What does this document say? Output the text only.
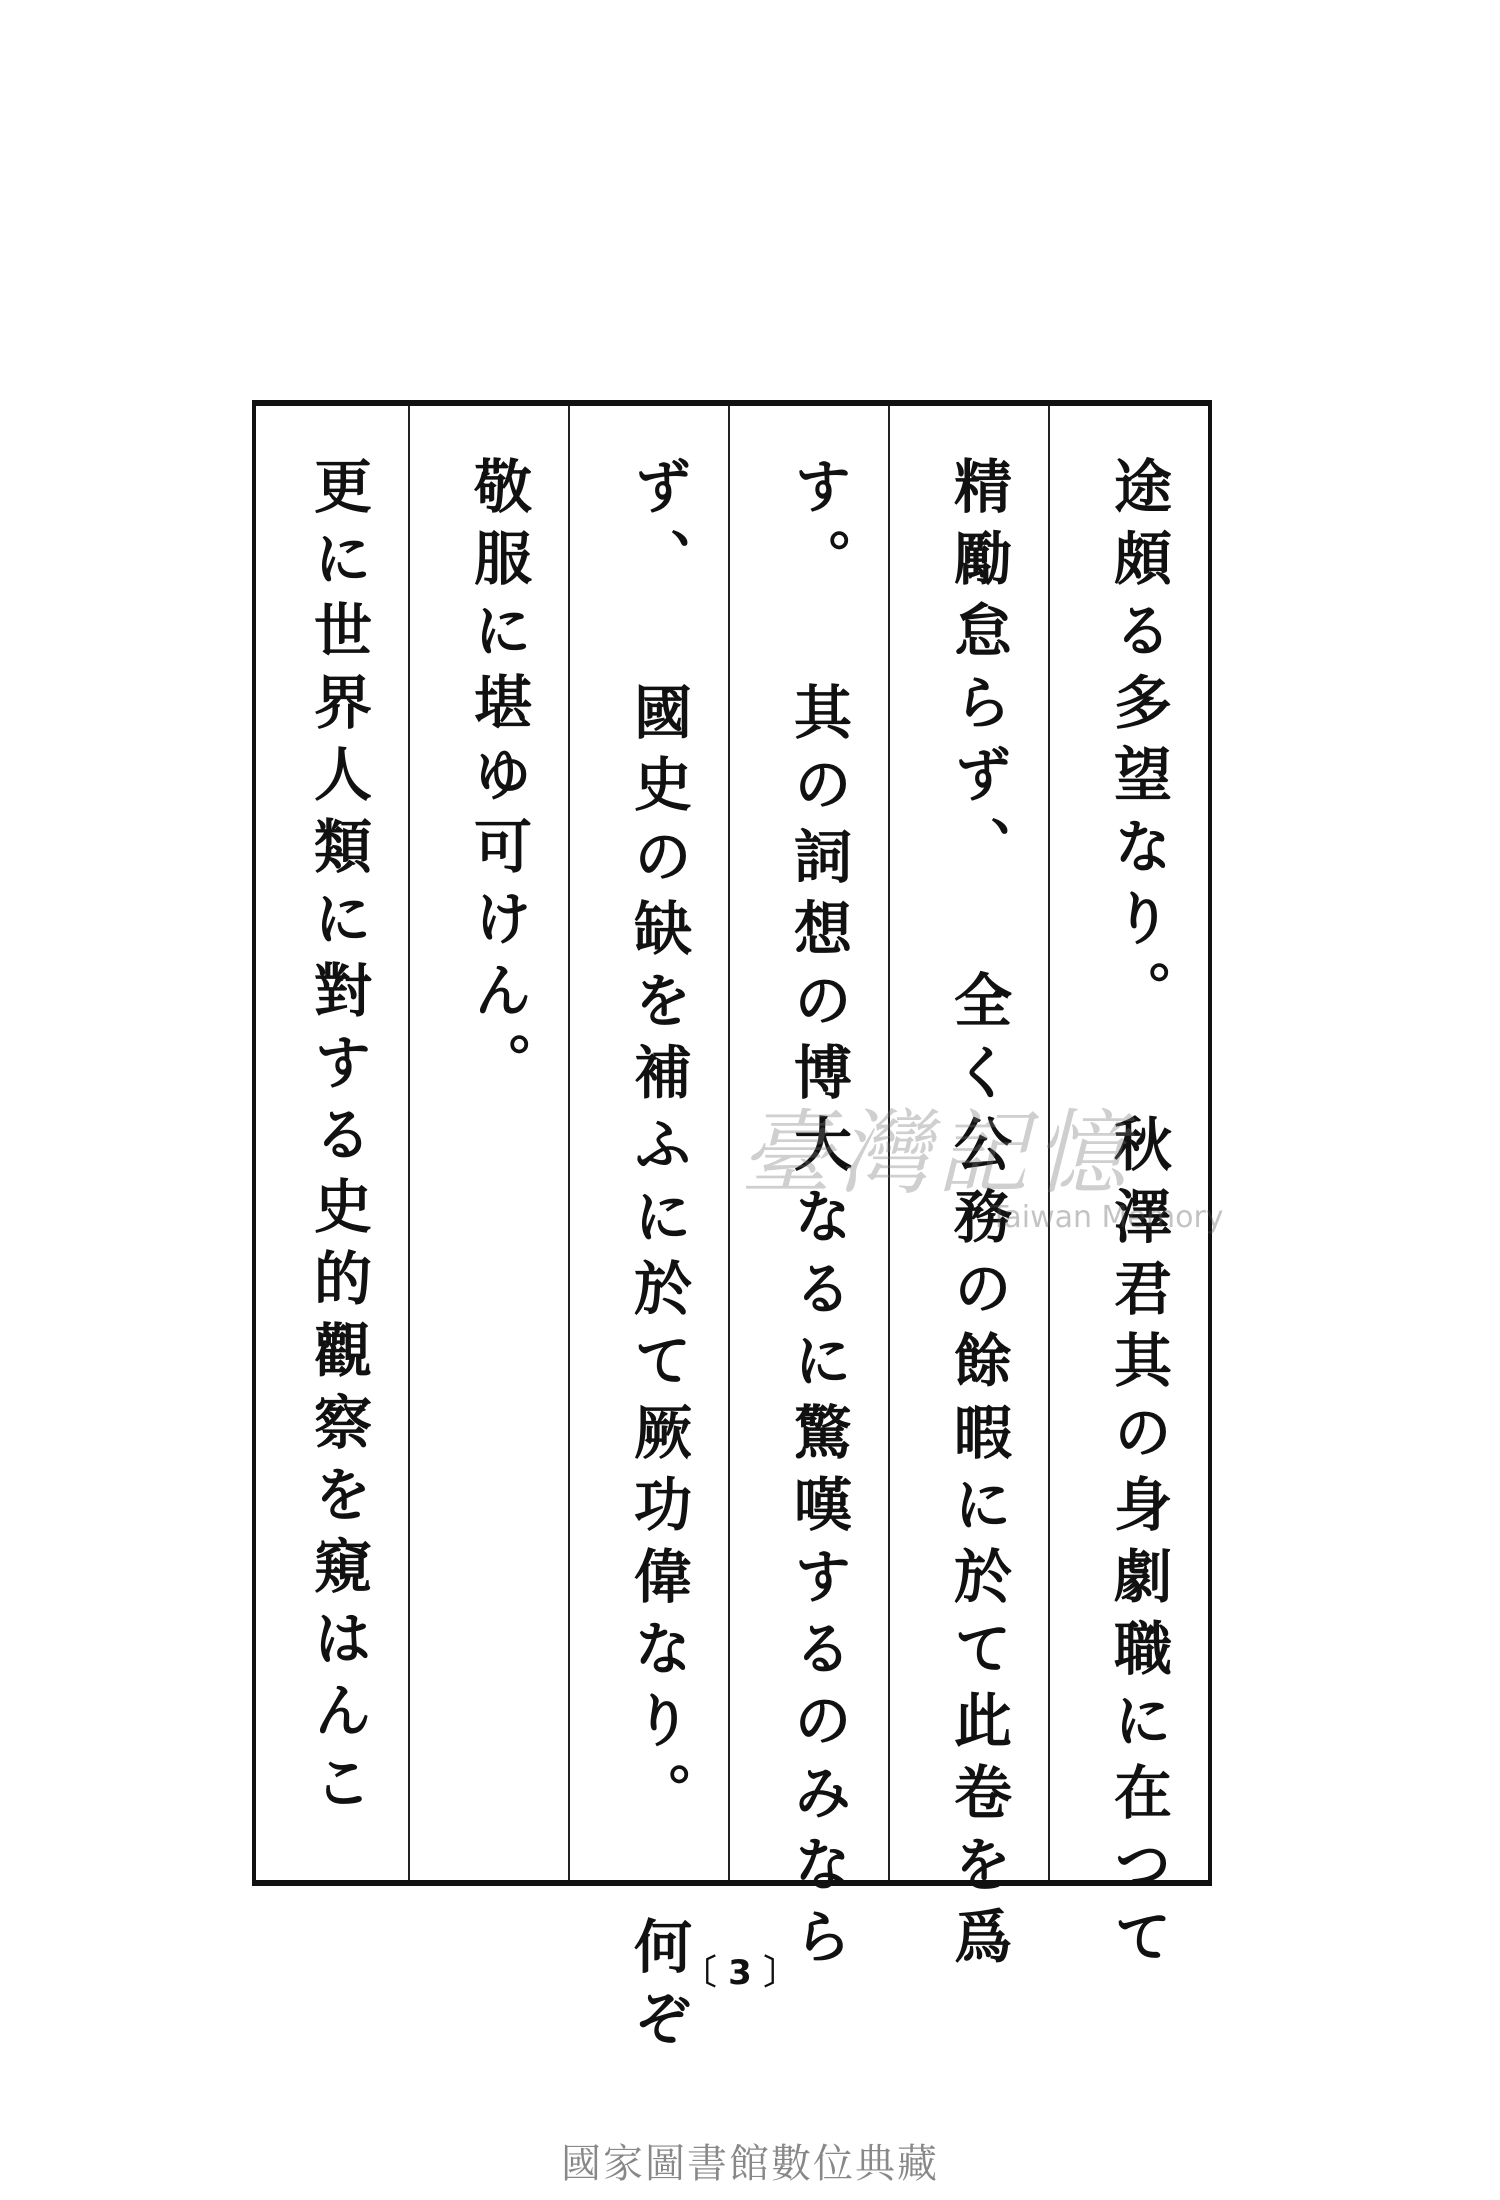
途頗る多望なり。 秋澤君其の身劇職に在つて
精勵怠らず、 全く公務の餘暇に於て此卷を爲
す。 其の詞想の博大なるに驚嘆するのみなら
ず、 國史の缺を補ふに於て厥功偉なり。 何ぞ
敬服に堪ゆ可けん。
更に世界人類に對する史的觀察を窺はんこ	臺灣記憶
Taiwan Memory
〔 3 〕
國家圖書館數位典藏
